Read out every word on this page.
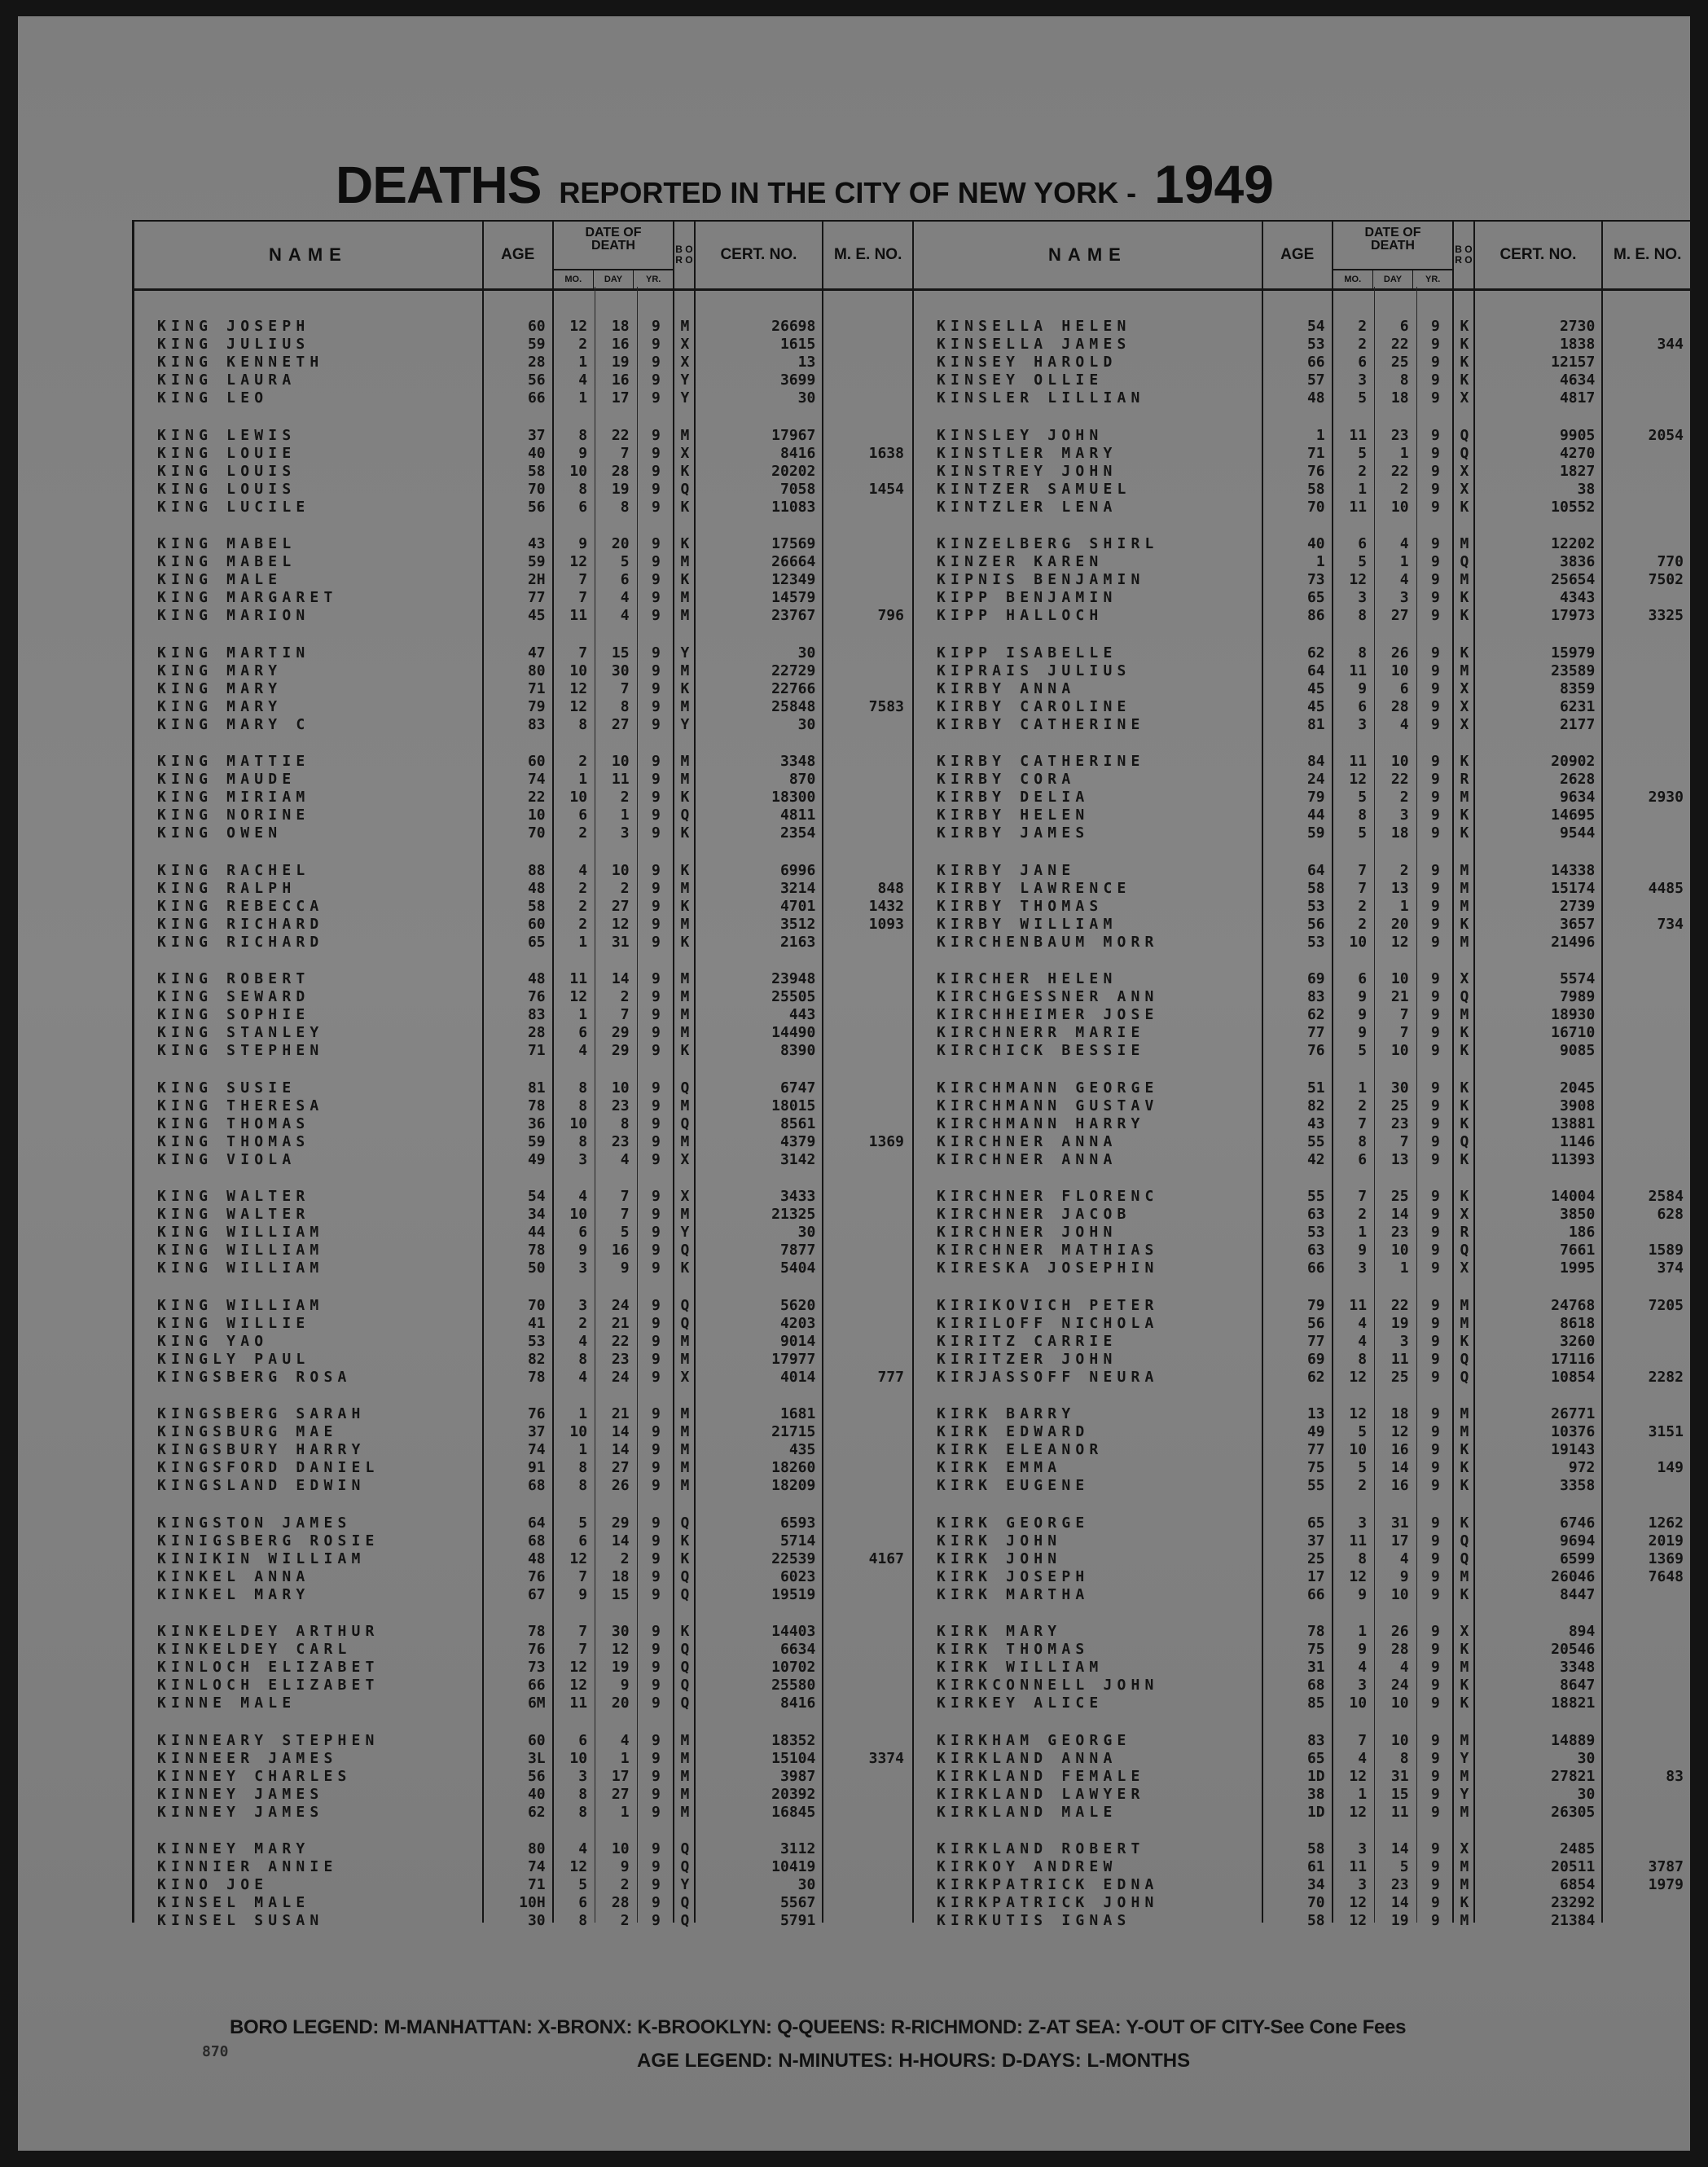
DEATHS REPORTED IN THE CITY OF NEW YORK - 1949
NAME	AGE
DATE OF DEATH
MO.	DAY	YR.
B O R O	CERT. NO.	M. E. NO.
KING JOSEPH	60	12	18	9	M	26698
KING JULIUS	59	2	16	9	X	1615
KING KENNETH	28	1	19	9	X	13
KING LAURA	56	4	16	9	Y	3699
KING LEO	66	1	17	9	Y	30
KING LEWIS	37	8	22	9	M	17967
KING LOUIE	40	9	7	9	X	8416	1638
KING LOUIS	58	10	28	9	K	20202
KING LOUIS	70	8	19	9	Q	7058	1454
KING LUCILE	56	6	8	9	K	11083
KING MABEL	43	9	20	9	K	17569
KING MABEL	59	12	5	9	M	26664
KING MALE	2H	7	6	9	K	12349
KING MARGARET	77	7	4	9	M	14579
KING MARION	45	11	4	9	M	23767	796
KING MARTIN	47	7	15	9	Y	30
KING MARY	80	10	30	9	M	22729
KING MARY	71	12	7	9	K	22766
KING MARY	79	12	8	9	M	25848	7583
KING MARY C	83	8	27	9	Y	30
KING MATTIE	60	2	10	9	M	3348
KING MAUDE	74	1	11	9	M	870
KING MIRIAM	22	10	2	9	K	18300
KING NORINE	10	6	1	9	Q	4811
KING OWEN	70	2	3	9	K	2354
KING RACHEL	88	4	10	9	K	6996
KING RALPH	48	2	2	9	M	3214	848
KING REBECCA	58	2	27	9	K	4701	1432
KING RICHARD	60	2	12	9	M	3512	1093
KING RICHARD	65	1	31	9	K	2163
KING ROBERT	48	11	14	9	M	23948
KING SEWARD	76	12	2	9	M	25505
KING SOPHIE	83	1	7	9	M	443
KING STANLEY	28	6	29	9	M	14490
KING STEPHEN	71	4	29	9	K	8390
KING SUSIE	81	8	10	9	Q	6747
KING THERESA	78	8	23	9	M	18015
KING THOMAS	36	10	8	9	Q	8561
KING THOMAS	59	8	23	9	M	4379	1369
KING VIOLA	49	3	4	9	X	3142
KING WALTER	54	4	7	9	X	3433
KING WALTER	34	10	7	9	M	21325
KING WILLIAM	44	6	5	9	Y	30
KING WILLIAM	78	9	16	9	Q	7877
KING WILLIAM	50	3	9	9	K	5404
KING WILLIAM	70	3	24	9	Q	5620
KING WILLIE	41	2	21	9	Q	4203
KING YAO	53	4	22	9	M	9014
KINGLY PAUL	82	8	23	9	M	17977
KINGSBERG ROSA	78	4	24	9	X	4014	777
KINGSBERG SARAH	76	1	21	9	M	1681
KINGSBURG MAE	37	10	14	9	M	21715
KINGSBURY HARRY	74	1	14	9	M	435
KINGSFORD DANIEL	91	8	27	9	M	18260
KINGSLAND EDWIN	68	8	26	9	M	18209
KINGSTON JAMES	64	5	29	9	Q	6593
KINIGSBERG ROSIE	68	6	14	9	K	5714
KINIKIN WILLIAM	48	12	2	9	K	22539	4167
KINKEL ANNA	76	7	18	9	Q	6023
KINKEL MARY	67	9	15	9	Q	19519
KINKELDEY ARTHUR	78	7	30	9	K	14403
KINKELDEY CARL	76	7	12	9	Q	6634
KINLOCH ELIZABET	73	12	19	9	Q	10702
KINLOCH ELIZABET	66	12	9	9	Q	25580
KINNE MALE	6M	11	20	9	Q	8416
KINNEARY STEPHEN	60	6	4	9	M	18352
KINNEER JAMES	3L	10	1	9	M	15104	3374
KINNEY CHARLES	56	3	17	9	M	3987
KINNEY JAMES	40	8	27	9	M	20392
KINNEY JAMES	62	8	1	9	M	16845
KINNEY MARY	80	4	10	9	Q	3112
KINNIER ANNIE	74	12	9	9	Q	10419
KINO JOE	71	5	2	9	Y	30
KINSEL MALE	10H	6	28	9	Q	5567
KINSEL SUSAN	30	8	2	9	Q	5791
NAME	AGE
DATE OF DEATH
MO.	DAY	YR.
B O R O	CERT. NO.	M. E. NO.
KINSELLA HELEN	54	2	6	9	K	2730
KINSELLA JAMES	53	2	22	9	K	1838	344
KINSEY HAROLD	66	6	25	9	K	12157
KINSEY OLLIE	57	3	8	9	K	4634
KINSLER LILLIAN	48	5	18	9	X	4817
KINSLEY JOHN	1	11	23	9	Q	9905	2054
KINSTLER MARY	71	5	1	9	Q	4270
KINSTREY JOHN	76	2	22	9	X	1827
KINTZER SAMUEL	58	1	2	9	X	38
KINTZLER LENA	70	11	10	9	K	10552
KINZELBERG SHIRL	40	6	4	9	M	12202
KINZER KAREN	1	5	1	9	Q	3836	770
KIPNIS BENJAMIN	73	12	4	9	M	25654	7502
KIPP BENJAMIN	65	3	3	9	K	4343
KIPP HALLOCH	86	8	27	9	K	17973	3325
KIPP ISABELLE	62	8	26	9	K	15979
KIPRAIS JULIUS	64	11	10	9	M	23589
KIRBY ANNA	45	9	6	9	X	8359
KIRBY CAROLINE	45	6	28	9	X	6231
KIRBY CATHERINE	81	3	4	9	X	2177
KIRBY CATHERINE	84	11	10	9	K	20902
KIRBY CORA	24	12	22	9	R	2628
KIRBY DELIA	79	5	2	9	M	9634	2930
KIRBY HELEN	44	8	3	9	K	14695
KIRBY JAMES	59	5	18	9	K	9544
KIRBY JANE	64	7	2	9	M	14338
KIRBY LAWRENCE	58	7	13	9	M	15174	4485
KIRBY THOMAS	53	2	1	9	M	2739
KIRBY WILLIAM	56	2	20	9	K	3657	734
KIRCHENBAUM MORR	53	10	12	9	M	21496
KIRCHER HELEN	69	6	10	9	X	5574
KIRCHGESSNER ANN	83	9	21	9	Q	7989
KIRCHHEIMER JOSE	62	9	7	9	M	18930
KIRCHNERR MARIE	77	9	7	9	K	16710
KIRCHICK BESSIE	76	5	10	9	K	9085
KIRCHMANN GEORGE	51	1	30	9	K	2045
KIRCHMANN GUSTAV	82	2	25	9	K	3908
KIRCHMANN HARRY	43	7	23	9	K	13881
KIRCHNER ANNA	55	8	7	9	Q	1146
KIRCHNER ANNA	42	6	13	9	K	11393
KIRCHNER FLORENC	55	7	25	9	K	14004	2584
KIRCHNER JACOB	63	2	14	9	X	3850	628
KIRCHNER JOHN	53	1	23	9	R	186
KIRCHNER MATHIAS	63	9	10	9	Q	7661	1589
KIRESKA JOSEPHIN	66	3	1	9	X	1995	374
KIRIKOVICH PETER	79	11	22	9	M	24768	7205
KIRILOFF NICHOLA	56	4	19	9	M	8618
KIRITZ CARRIE	77	4	3	9	K	3260
KIRITZER JOHN	69	8	11	9	Q	17116
KIRJASSOFF NEURA	62	12	25	9	Q	10854	2282
KIRK BARRY	13	12	18	9	M	26771
KIRK EDWARD	49	5	12	9	M	10376	3151
KIRK ELEANOR	77	10	16	9	K	19143
KIRK EMMA	75	5	14	9	K	972	149
KIRK EUGENE	55	2	16	9	K	3358
KIRK GEORGE	65	3	31	9	K	6746	1262
KIRK JOHN	37	11	17	9	Q	9694	2019
KIRK JOHN	25	8	4	9	Q	6599	1369
KIRK JOSEPH	17	12	9	9	M	26046	7648
KIRK MARTHA	66	9	10	9	K	8447
KIRK MARY	78	1	26	9	X	894
KIRK THOMAS	75	9	28	9	K	20546
KIRK WILLIAM	31	4	4	9	M	3348
KIRKCONNELL JOHN	68	3	24	9	K	8647
KIRKEY ALICE	85	10	10	9	K	18821
KIRKHAM GEORGE	83	7	10	9	M	14889
KIRKLAND ANNA	65	4	8	9	Y	30
KIRKLAND FEMALE	1D	12	31	9	M	27821	83
KIRKLAND LAWYER	38	1	15	9	Y	30
KIRKLAND MALE	1D	12	11	9	M	26305
KIRKLAND ROBERT	58	3	14	9	X	2485
KIRKOY ANDREW	61	11	5	9	M	20511	3787
KIRKPATRICK EDNA	34	3	23	9	M	6854	1979
KIRKPATRICK JOHN	70	12	14	9	K	23292
KIRKUTIS IGNAS	58	12	19	9	M	21384
BORO LEGEND: M-MANHATTAN: X-BRONX: K-BROOKLYN: Q-QUEENS: R-RICHMOND: Z-AT SEA: Y-OUT OF CITY-See Cone Fees
870	AGE LEGEND: N-MINUTES: H-HOURS: D-DAYS: L-MONTHS
